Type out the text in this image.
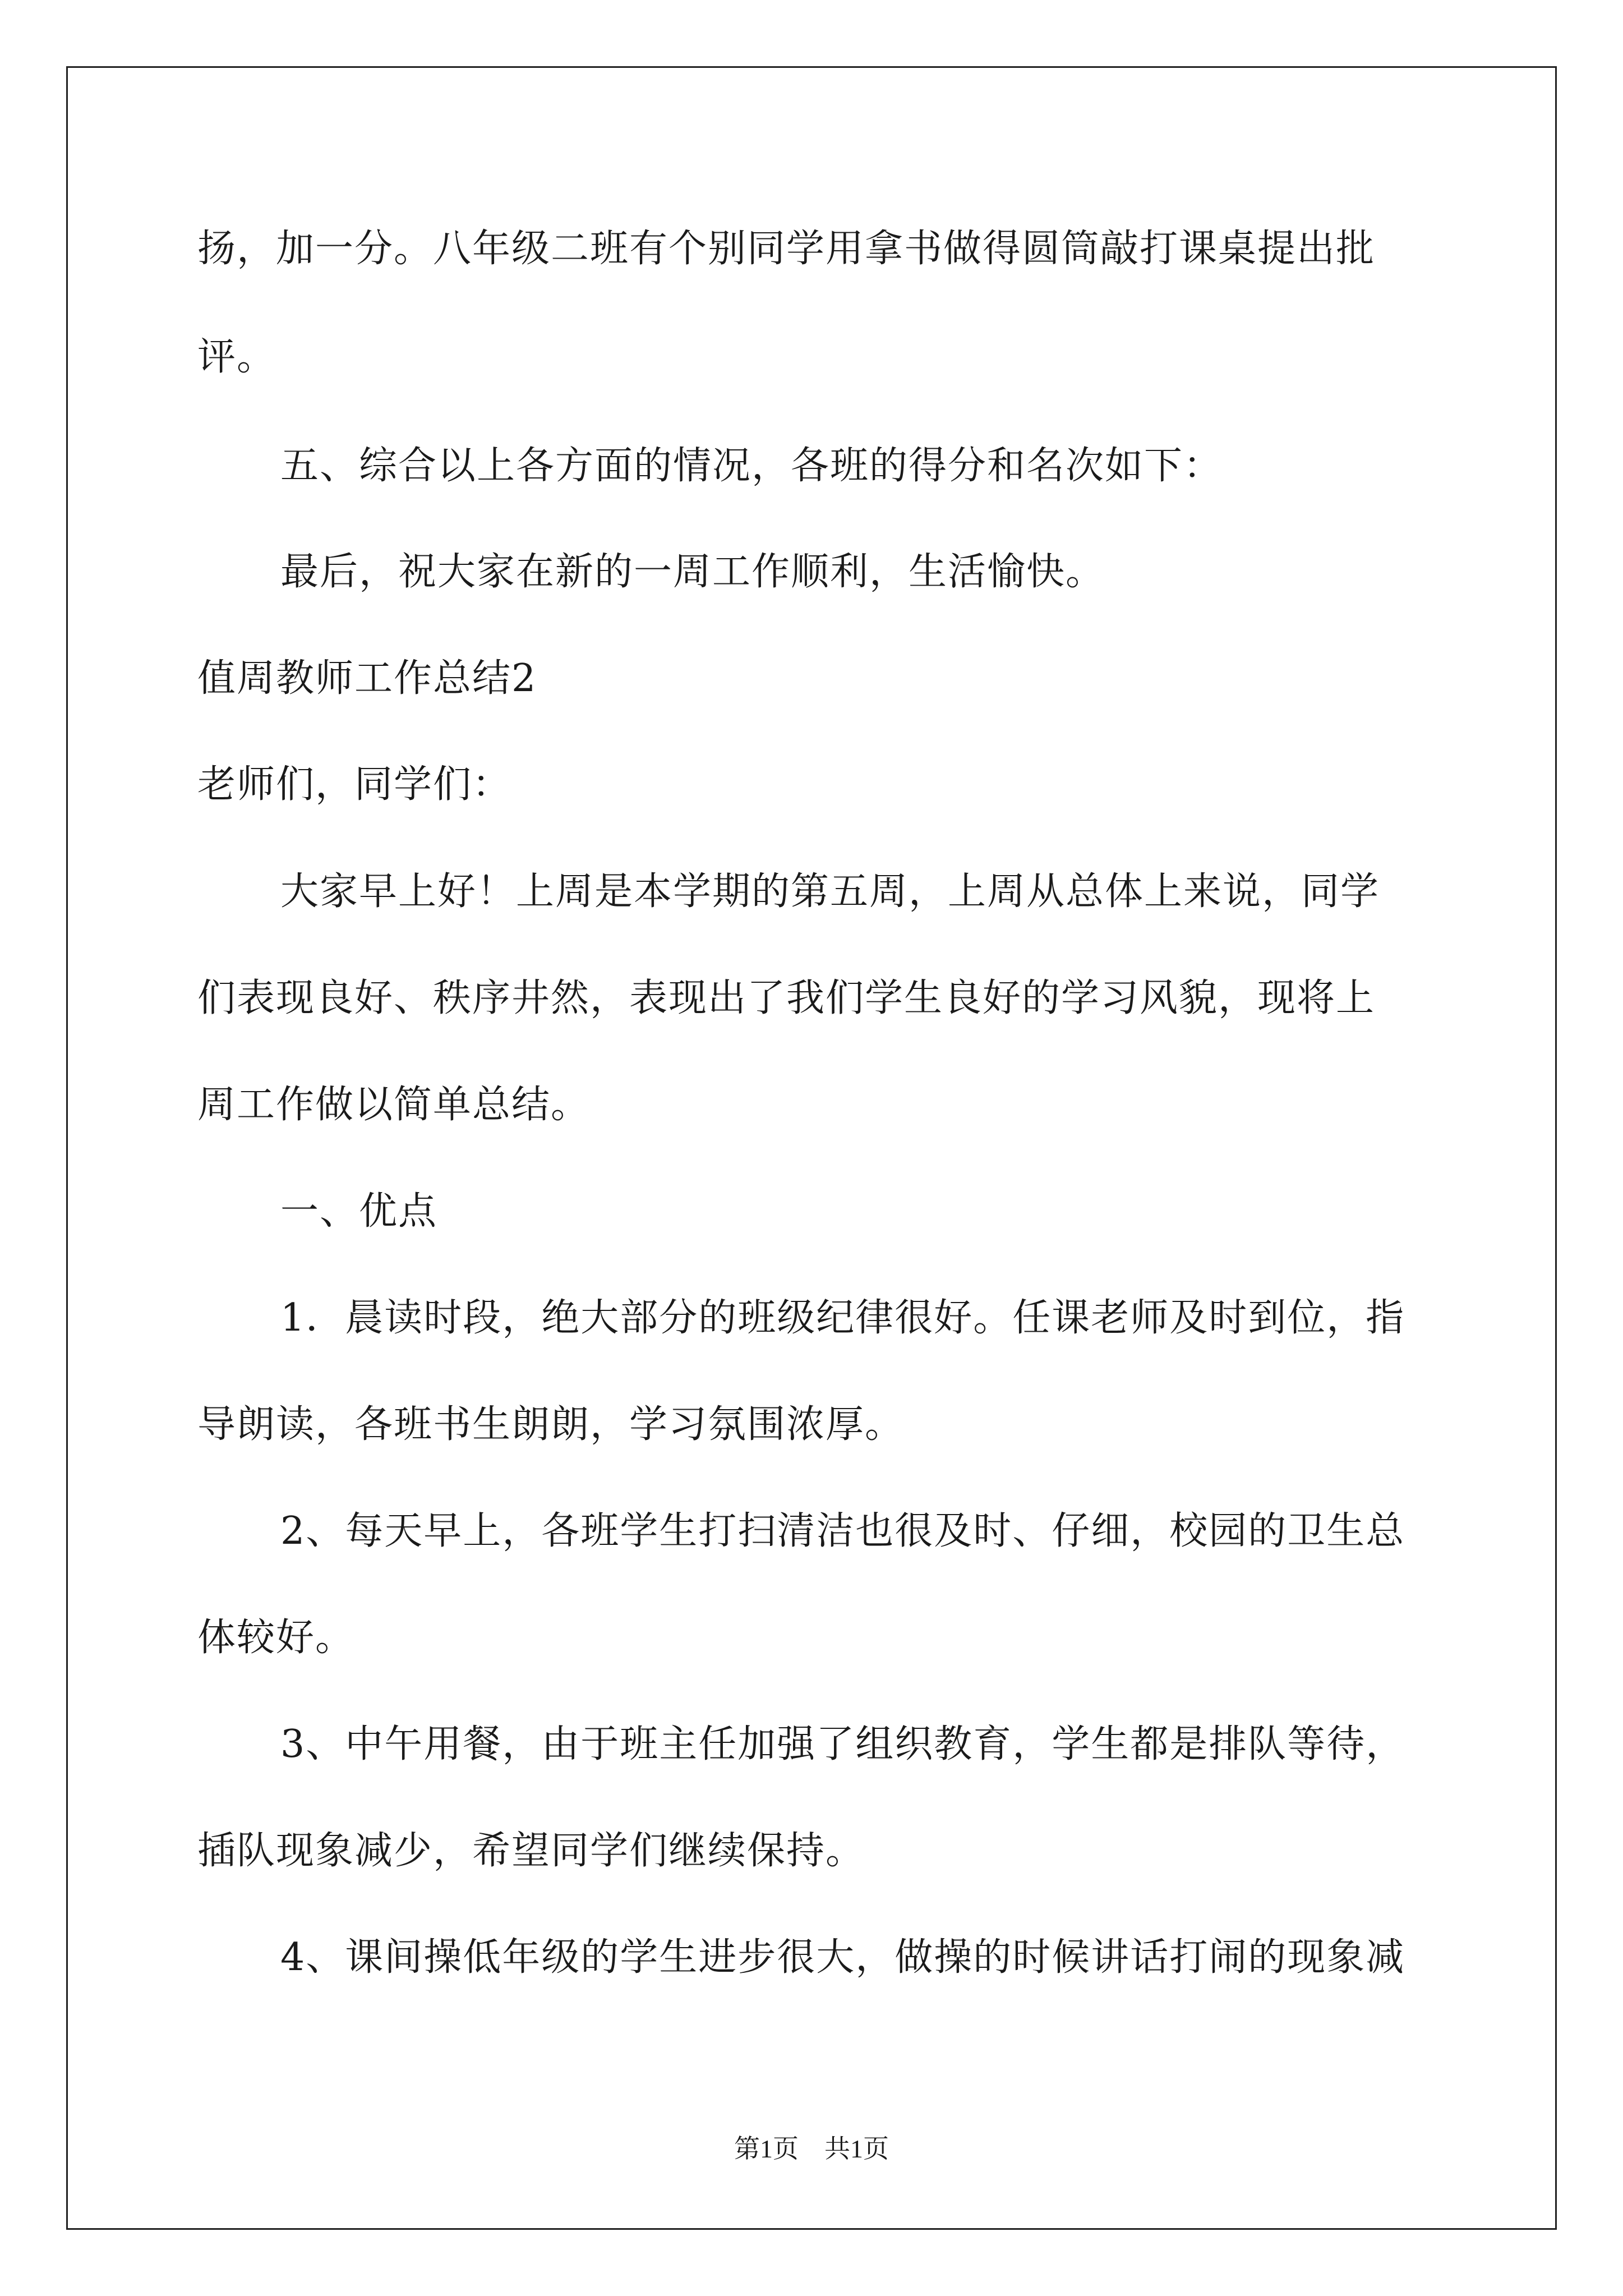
扬，加一分。八年级二班有个别同学用拿书做得圆筒敲打课桌提出批
评。
五、综合以上各方面的情况，各班的得分和名次如下：
最后，祝大家在新的一周工作顺利，生活愉快。
值周教师工作总结2
老师们，同学们：
大家早上好！上周是本学期的第五周，上周从总体上来说，同学
们表现良好、秩序井然，表现出了我们学生良好的学习风貌，现将上
周工作做以简单总结。
一、优点
1．晨读时段，绝大部分的班级纪律很好。任课老师及时到位，指
导朗读，各班书生朗朗，学习氛围浓厚。
2、每天早上，各班学生打扫清洁也很及时、仔细，校园的卫生总
体较好。
3、中午用餐，由于班主任加强了组织教育，学生都是排队等待，
插队现象减少，希望同学们继续保持。
4、课间操低年级的学生进步很大，做操的时候讲话打闹的现象减
第1页　共1页
